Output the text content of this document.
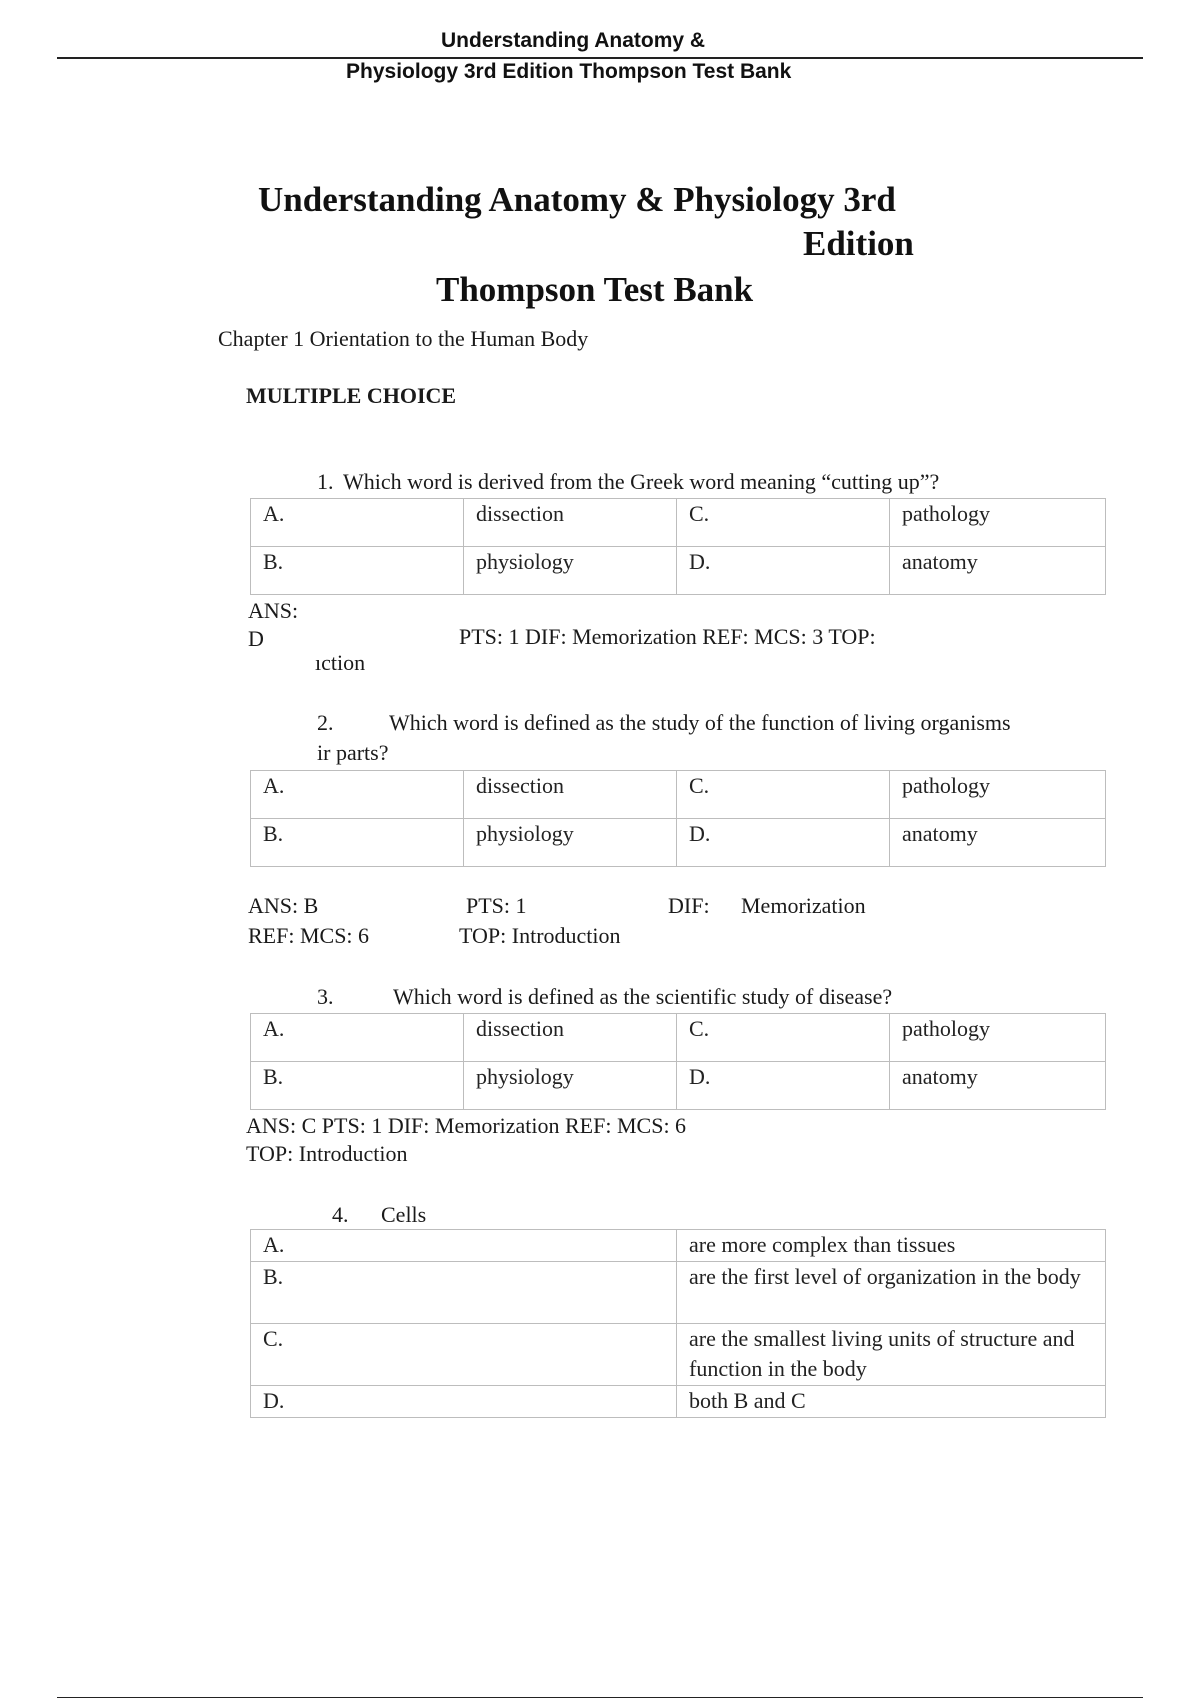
Understanding Anatomy &
Physiology 3rd Edition Thompson Test Bank
Understanding Anatomy & Physiology 3rd
Edition
Thompson Test Bank
Chapter 1 Orientation to the Human Body
MULTIPLE CHOICE
1. Which word is derived from the Greek word meaning “cutting up”?
A.	dissection	C.	pathology
B.	physiology	D.	anatomy
ANS:
D	PTS: 1 DIF: Memorization REF: MCS: 3 TOP:
ıction
2.	Which word is defined as the study of the function of living organisms
ir parts?
A.	dissection	C.	pathology
B.	physiology	D.	anatomy
ANS: B	PTS: 1	DIF: Memorization
REF: MCS: 6	TOP: Introduction
3.	Which word is defined as the scientific study of disease?
A.	dissection	C.	pathology
B.	physiology	D.	anatomy
ANS: C PTS: 1 DIF: Memorization REF: MCS: 6
TOP: Introduction
4. Cells
A.	are more complex than tissues
B.	are the first level of organization in the body
C.	are the smallest living units of structure and function in the body
D.	both B and C
